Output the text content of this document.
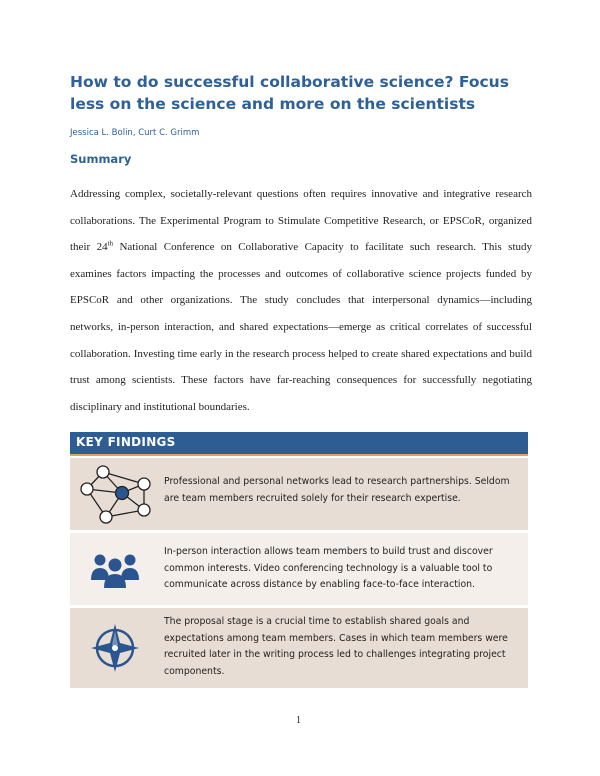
How to do successful collaborative science? Focus less on the science and more on the scientists
Jessica L. Bolin, Curt C. Grimm
Summary

Addressing complex, societally-relevant questions often requires innovative and integrative research collaborations. The Experimental Program to Stimulate Competitive Research, or EPSCoR, organized their 24th National Conference on Collaborative Capacity to facilitate such research. This study examines factors impacting the processes and outcomes of collaborative science projects funded by EPSCoR and other organizations. The study concludes that interpersonal dynamics—including networks, in-person interaction, and shared expectations—emerge as critical correlates of successful collaboration. Investing time early in the research process helped to create shared expectations and build trust among scientists. These factors have far-reaching consequences for successfully negotiating disciplinary and institutional boundaries.

KEY FINDINGS

Professional and personal networks lead to research partnerships. Seldom are team members recruited solely for their research expertise.

In-person interaction allows team members to build trust and discover common interests. Video conferencing technology is a valuable tool to communicate across distance by enabling face-to-face interaction.

The proposal stage is a crucial time to establish shared goals and expectations among team members. Cases in which team members were recruited later in the writing process led to challenges integrating project components.

1
